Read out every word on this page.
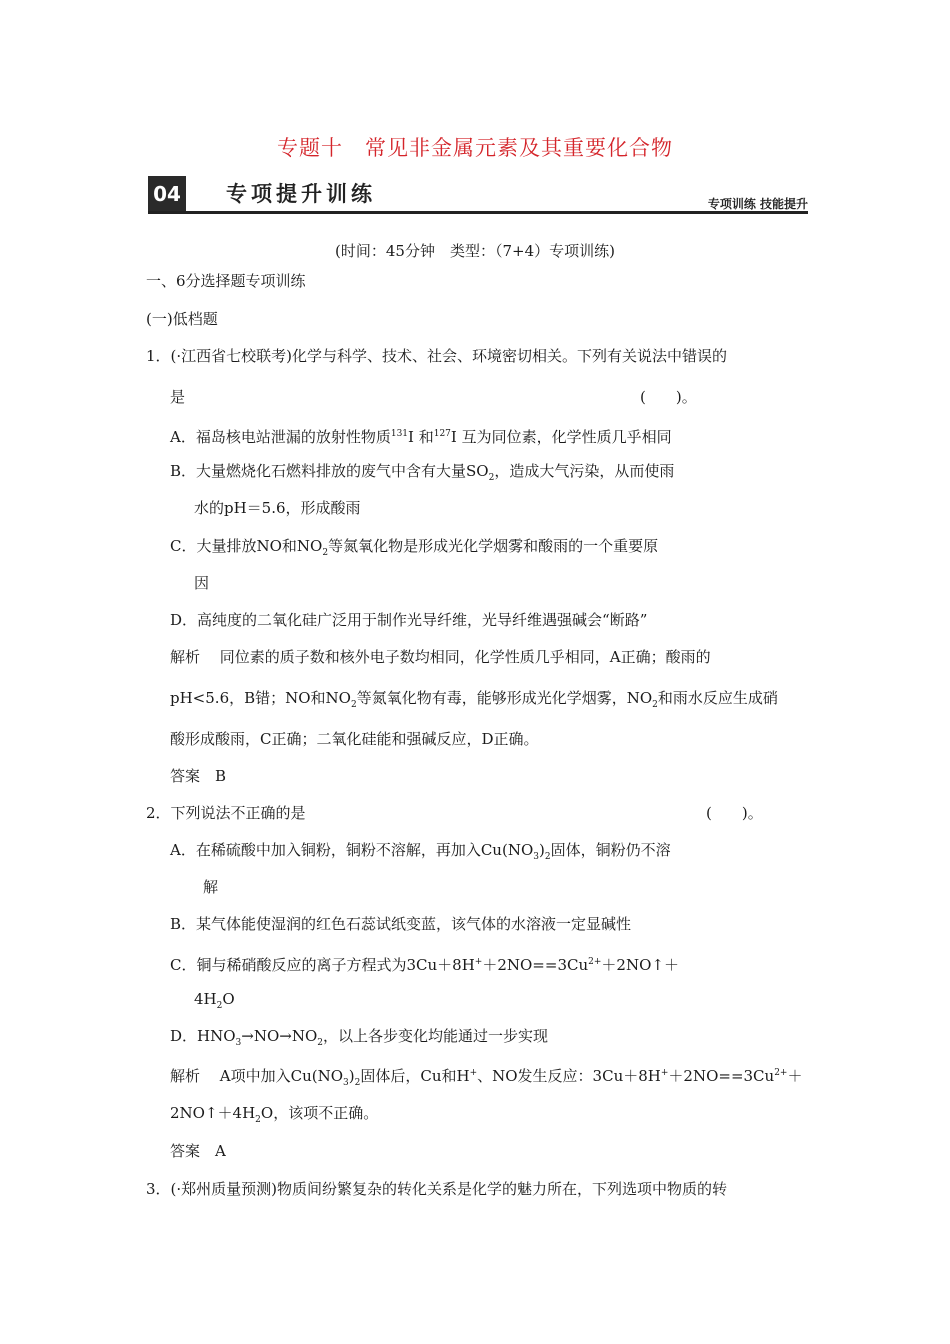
专题十　常见非金属元素及其重要化合物
04 专项提升训练	专项训练 技能提升
(时间：45分钟　类型：（7+4）专项训练)
一、6分选择题专项训练
(一)低档题
1．(·江西省七校联考)化学与科学、技术、社会、环境密切相关。下列有关说法中错误的
是	(　　)。
A．福岛核电站泄漏的放射性物质$^{131}$I 和$^{127}$I 互为同位素，化学性质几乎相同
B．大量燃烧化石燃料排放的废气中含有大量$SO_2$，造成大气污染，从而使雨
水的pH＝5.6，形成酸雨
C．大量排放NO和$NO_2$等氮氧化物是形成光化学烟雾和酸雨的一个重要原
因
D．高纯度的二氧化硅广泛用于制作光导纤维，光导纤维遇强碱会“断路”
解析　 同位素的质子数和核外电子数均相同，化学性质几乎相同，A正确；酸雨的
pH<5.6，B错；NO和$NO_2$等氮氧化物有毒，能够形成光化学烟雾，$NO_2$和雨水反应生成硝
酸形成酸雨，C正确；二氧化硅能和强碱反应，D正确。
答案　B
2．下列说法不正确的是	(　　)。
A．在稀硫酸中加入铜粉，铜粉不溶解，再加入$Cu(NO_3)_2$固体，铜粉仍不溶
解
B．某气体能使湿润的红色石蕊试纸变蓝，该气体的水溶液一定显碱性
C．铜与稀硝酸反应的离子方程式为$3Cu+8H^++2NO==3Cu^{2+}+2NO↑+$
$4H_2O$
D．$HNO_3\to NO\to NO_2$，以上各步变化均能通过一步实现
解析　 A项中加入$Cu(NO_3)_2$固体后，Cu和H+、NO发生反应：$3Cu+8H^++2NO==3Cu^{2+}+$
$2NO↑+4H_2O$，该项不正确。
答案　A
3．(·郑州质量预测)物质间纷繁复杂的转化关系是化学的魅力所在，下列选项中物质的转
